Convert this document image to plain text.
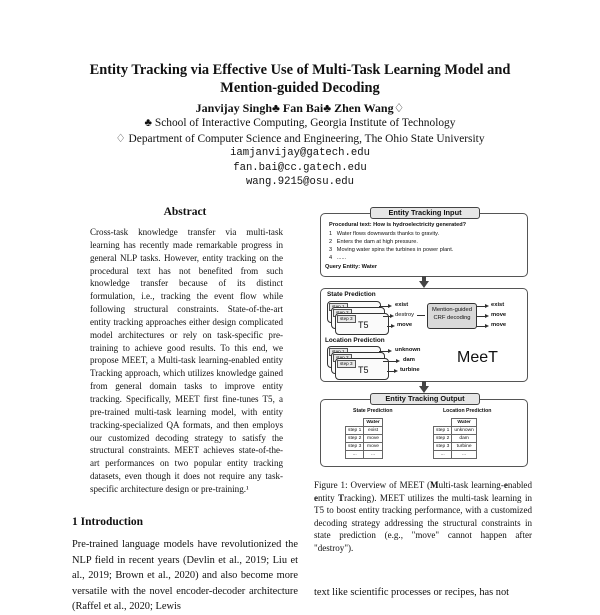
Entity Tracking via Effective Use of Multi-Task Learning Model and
Mention-guided Decoding
Janvijay Singh♣ Fan Bai♣ Zhen Wang♢
♣ School of Interactive Computing, Georgia Institute of Technology
♢ Department of Computer Science and Engineering, The Ohio State University
iamjanvijay@gatech.edu
fan.bai@cc.gatech.edu
wang.9215@osu.edu
Abstract
Cross-task knowledge transfer via multi-task learning has recently made remarkable progress in general NLP tasks. However, entity tracking on the procedural text has not benefited from such knowledge transfer because of its distinct formulation, i.e., tracking the event flow while following structural constraints. State-of-the-art entity tracking approaches either design complicated model architectures or rely on task-specific pre-training to achieve good results. To this end, we propose MEET, a Multi-task learning-enabled entity Tracking approach, which utilizes knowledge gained from general domain tasks to improve entity tracking. Specifically, MEET first fine-tunes T5, a pre-trained multi-task learning model, with entity tracking-specialized QA formats, and then employs our customized decoding strategy to satisfy the structural constraints. MEET achieves state-of-the-art performances on two popular entity tracking datasets, even though it does not require any task-specific architecture design or pre-training.¹
1 Introduction
Pre-trained language models have revolutionized the NLP field in recent years (Devlin et al., 2019; Liu et al., 2019; Brown et al., 2020) and also become more versatile with the novel encoder-decoder architecture (Raffel et al., 2020; Lewis
Procedural text: How is hydroelectricity generated?
1 Water flows downwards thanks to gravity.
2 Enters the dam at high pressure.
3 Moving water spins the turbines in power plant.
4 ......
Query Entity: Water
Entity Tracking Input
State Prediction
step 3
T5
exist
destroy
move
Mention-guided CRF decoding
exist
move
move
Location Prediction
step 3
T5
unknown
dam
turbine
MeeT
State Prediction
	Water
step 1	exist
step 2	move
step 3	move
...	...
Location Prediction
	Water
step 1	unknown
step 2	dam
step 3	turbine
...	...
Entity Tracking Output
Figure 1: Overview of MEET (Multi-task learning-enabled entity Tracking). MEET utilizes the multi-task learning in T5 to boost entity tracking performance, with a customized decoding strategy addressing the structural constraints in state prediction (e.g., "move" cannot happen after "destroy").
text like scientific processes or recipes, has not
